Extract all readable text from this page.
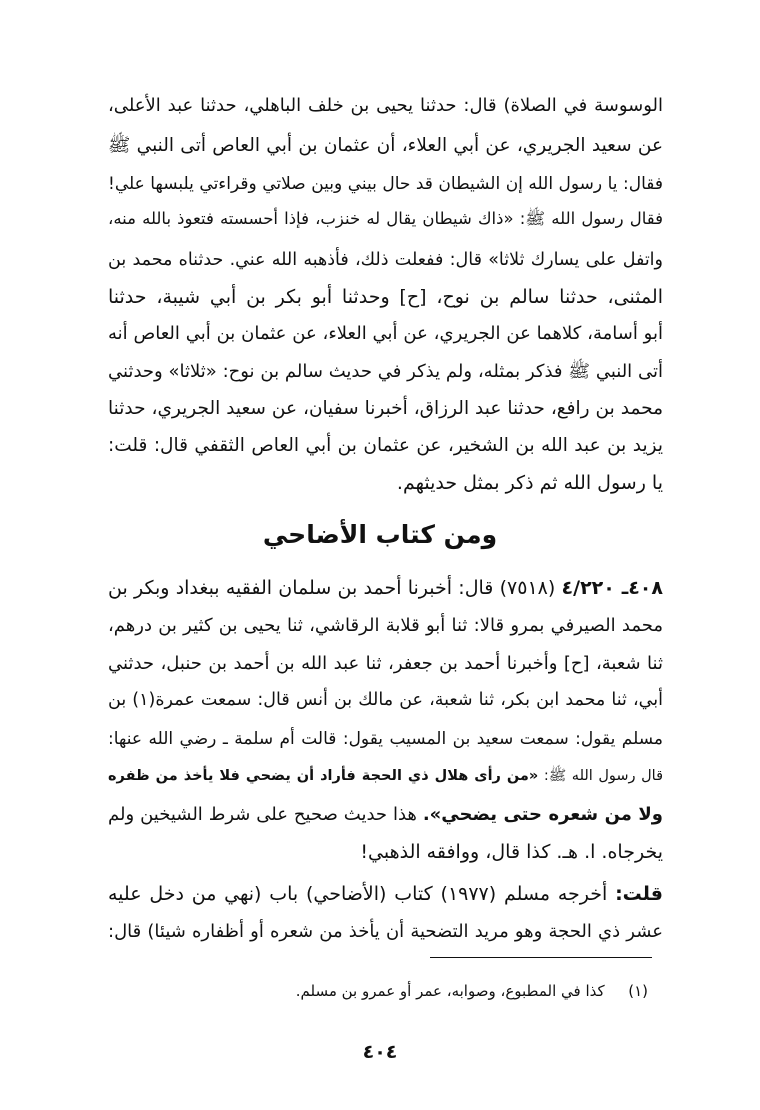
الوسوسة في الصلاة) قال: حدثنا يحيى بن خلف الباهلي، حدثنا عبد الأعلى،
عن سعيد الجريري، عن أبي العلاء، أن عثمان بن أبي العاص أتى النبي ﷺ
فقال: يا رسول الله إن الشيطان قد حال بيني وبين صلاتي وقراءتي يلبسها علي!
فقال رسول الله ﷺ: «ذاك شيطان يقال له خنزب، فإذا أحسسته فتعوذ بالله منه،
واتفل على يسارك ثلاثا» قال: ففعلت ذلك، فأذهبه الله عني. حدثناه محمد بن
المثنى، حدثنا سالم بن نوح، [ح] وحدثنا أبو بكر بن أبي شيبة، حدثنا
أبو أسامة، كلاهما عن الجريري، عن أبي العلاء، عن عثمان بن أبي العاص أنه
أتى النبي ﷺ فذكر بمثله، ولم يذكر في حديث سالم بن نوح: «ثلاثا» وحدثني
محمد بن رافع، حدثنا عبد الرزاق، أخبرنا سفيان، عن سعيد الجريري، حدثنا
يزيد بن عبد الله بن الشخير، عن عثمان بن أبي العاص الثقفي قال: قلت:
يا رسول الله ثم ذكر بمثل حديثهم.
ومن كتاب الأضاحي
٤٠٨ـ ٤/٢٢٠ (٧٥١٨) قال: أخبرنا أحمد بن سلمان الفقيه ببغداد وبكر بن
محمد الصيرفي بمرو قالا: ثنا أبو قلابة الرقاشي، ثنا يحيى بن كثير بن درهم،
ثنا شعبة، [ح] وأخبرنا أحمد بن جعفر، ثنا عبد الله بن أحمد بن حنبل، حدثني
أبي، ثنا محمد ابن بكر، ثنا شعبة، عن مالك بن أنس قال: سمعت عمرة(١) بن
مسلم يقول: سمعت سعيد بن المسيب يقول: قالت أم سلمة ـ رضي الله عنها:
قال رسول الله ﷺ: «من رأى هلال ذي الحجة فأراد أن يضحي فلا يأخذ من ظفره
ولا من شعره حتى يضحي». هذا حديث صحيح على شرط الشيخين ولم
يخرجاه. ا. هـ. كذا قال، ووافقه الذهبي!
قلت: أخرجه مسلم (١٩٧٧) كتاب (الأضاحي) باب (نهي من دخل عليه
عشر ذي الحجة وهو مريد التضحية أن يأخذ من شعره أو أظفاره شيئا) قال:
(١)  كذا في المطبوع، وصوابه، عمر أو عمرو بن مسلم.
٤٠٤
